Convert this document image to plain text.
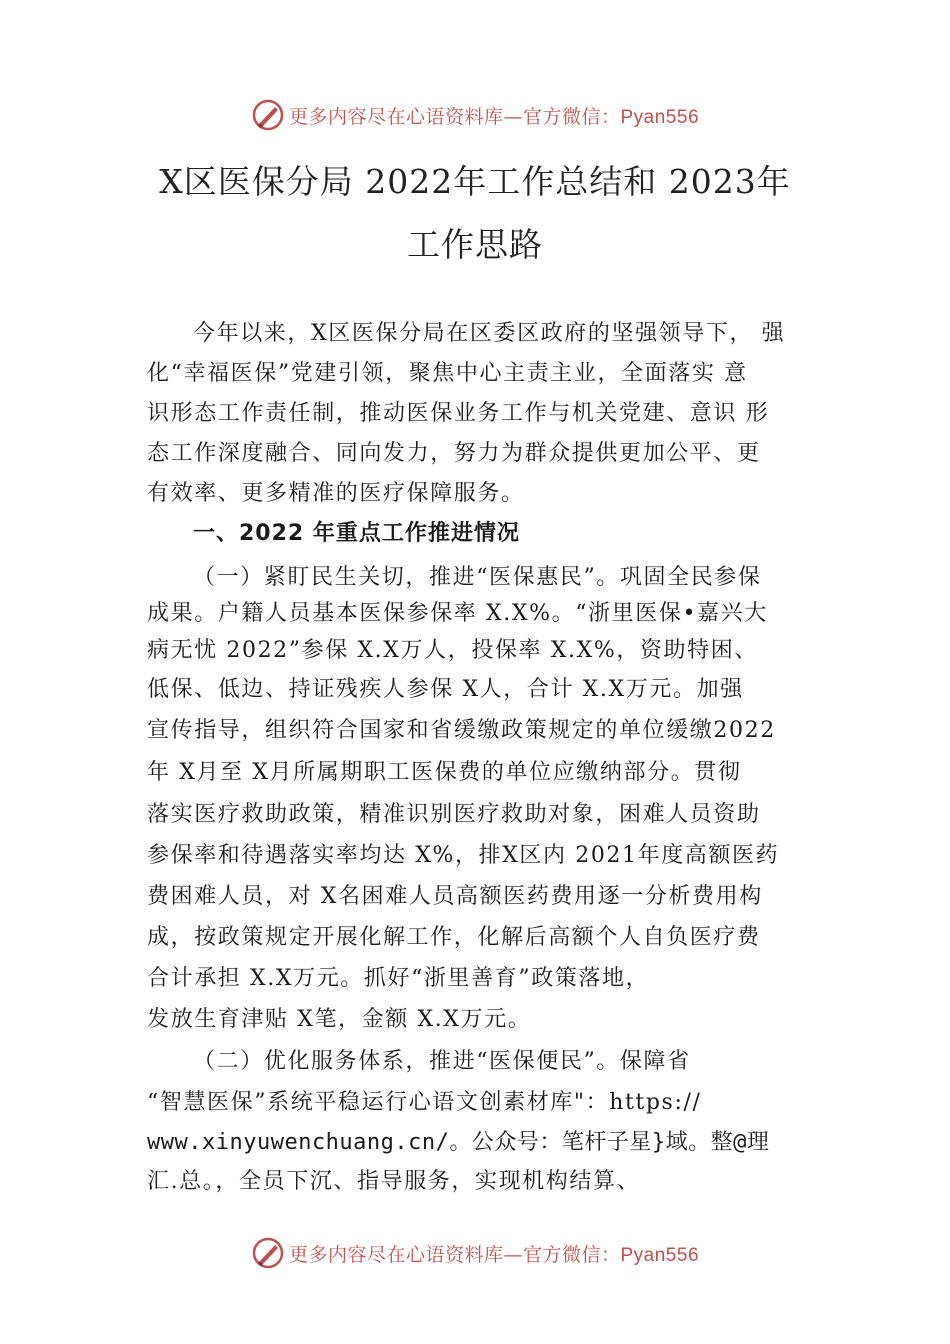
更多内容尽在心语资料库—官方微信：Pyan556
X区医保分局 2022年工作总结和 2023年
工作思路
今年以来，X区医保分局在区委区政府的坚强领导下， 强
化“幸福医保”党建引领，聚焦中心主责主业，全面落实 意
识形态工作责任制，推动医保业务工作与机关党建、意识 形
态工作深度融合、同向发力，努力为群众提供更加公平、更
有效率、更多精准的医疗保障服务。
一、2022 年重点工作推进情况
（一）紧盯民生关切，推进“医保惠民”。巩固全民参保
成果。户籍人员基本医保参保率 X.X%。“浙里医保•嘉兴大
病无忧 2022”参保 X.X万人，投保率 X.X%，资助特困、
低保、低边、持证残疾人参保 X人，合计 X.X万元。加强
宣传指导，组织符合国家和省缓缴政策规定的单位缓缴2022
年 X月至 X月所属期职工医保费的单位应缴纳部分。贯彻
落实医疗救助政策，精准识别医疗救助对象，困难人员资助
参保率和待遇落实率均达 X%，排X区内 2021年度高额医药
费困难人员，对 X名困难人员高额医药费用逐一分析费用构
成，按政策规定开展化解工作，化解后高额个人自负医疗费
合计承担 X.X万元。抓好“浙里善育”政策落地，
发放生育津贴 X笔，金额 X.X万元。
（二）优化服务体系，推进“医保便民”。保障省
“智慧医保”系统平稳运行心语文创素材库"：https://
www.xinyuwenchuang.cn/。公众号：笔杆子星}域。整@理
汇.总。，全员下沉、指导服务，实现机构结算、
更多内容尽在心语资料库—官方微信：Pyan556
